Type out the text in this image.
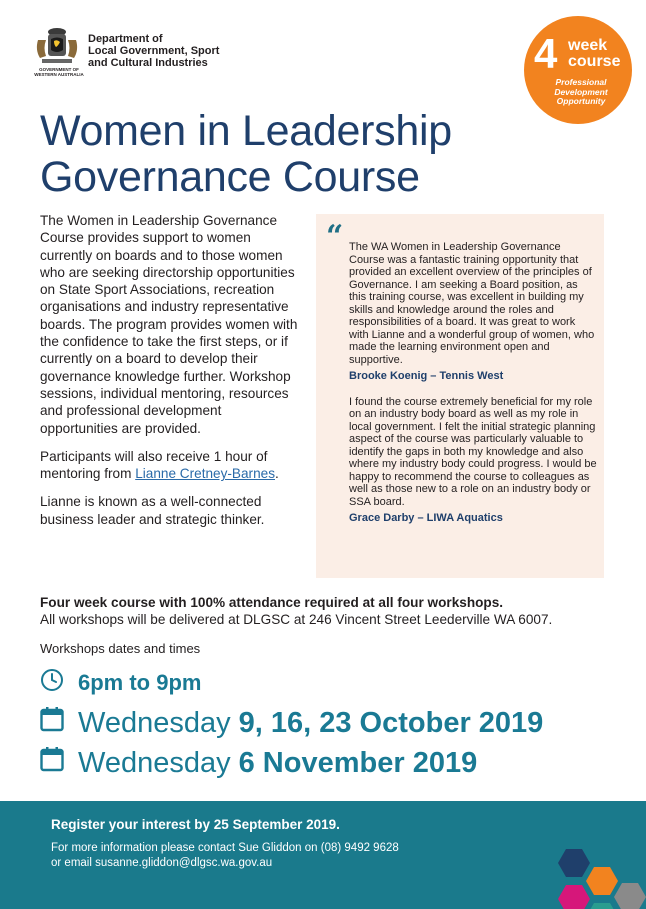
GOVERNMENT OF WESTERN AUSTRALIA
Department of
Local Government, Sport
and Cultural Industries	4 week
course
Professional
Development
Opportunity
Women in Leadership
Governance Course

The Women in Leadership Governance Course provides support to women currently on boards and to those women who are seeking directorship opportunities on State Sport Associations, recreation organisations and industry representative boards. The program provides women with the confidence to take the first steps, or if currently on a board to develop their governance knowledge further. Workshop sessions, individual mentoring, resources and professional development opportunities are provided.

Participants will also receive 1 hour of mentoring from Lianne Cretney-Barnes.

Lianne is known as a well-connected business leader and strategic thinker.

“ The WA Women in Leadership Governance Course was a fantastic training opportunity that provided an excellent overview of the principles of Governance. I am seeking a Board position, as this training course, was excellent in building my skills and knowledge around the roles and responsibilities of a board. It was great to work with Lianne and a wonderful group of women, who made the learning environment open and supportive.
Brooke Koenig – Tennis West
I found the course extremely beneficial for my role on an industry body board as well as my role in local government. I felt the initial strategic planning aspect of the course was particularly valuable to identify the gaps in both my knowledge and also where my industry body could progress. I would be happy to recommend the course to colleagues as well as those new to a role on an industry body or SSA board.
Grace Darby – LIWA Aquatics
Four week course with 100% attendance required at all four workshops.
All workshops will be delivered at DLGSC at 246 Vincent Street Leederville WA 6007.
Workshops dates and times
6pm to 9pm
Wednesday 9, 16, 23 October 2019
Wednesday 6 November 2019
Register your interest by 25 September 2019.
For more information please contact Sue Gliddon on (08) 9492 9628
or email susanne.gliddon@dlgsc.wa.gov.au
